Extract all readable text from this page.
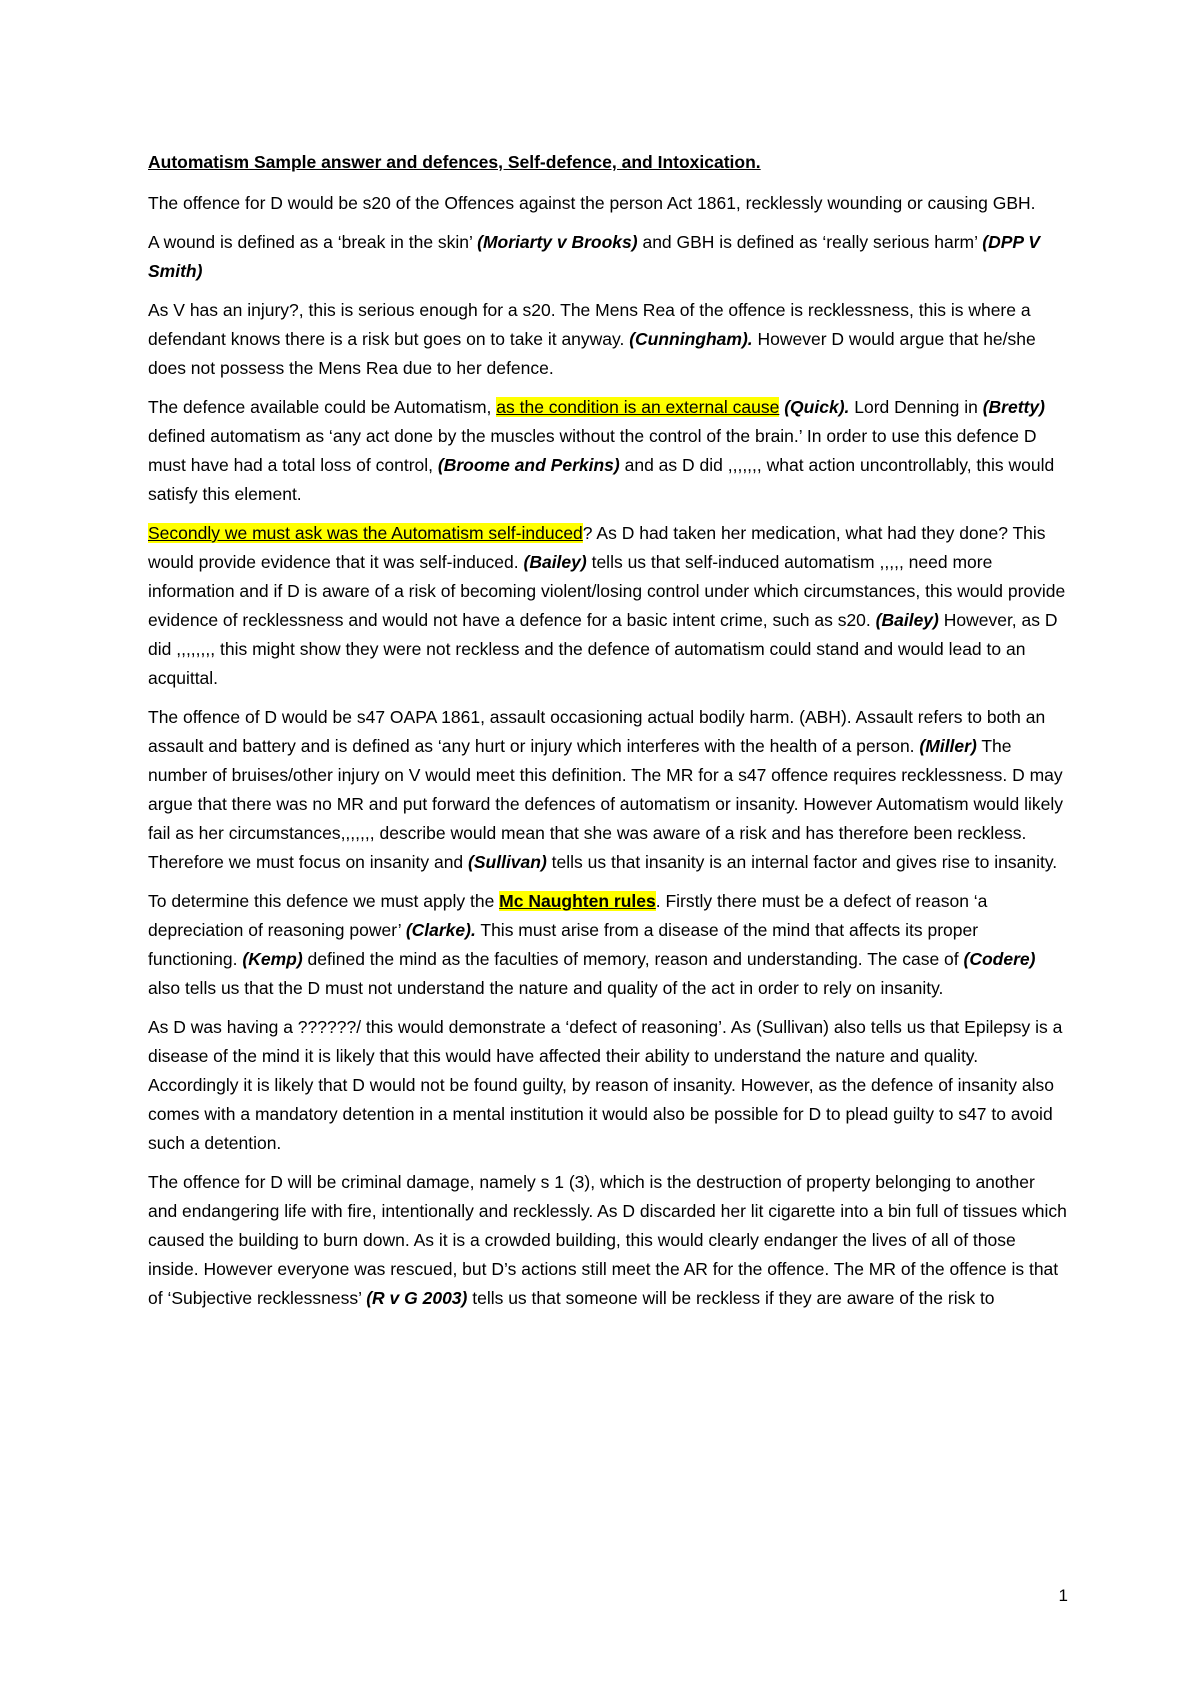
Automatism Sample answer and defences, Self-defence, and Intoxication.

The offence for D would be s20 of the Offences against the person Act 1861, recklessly wounding or causing GBH.

A wound is defined as a ‘break in the skin’ (Moriarty v Brooks) and GBH is defined as ‘really serious harm’ (DPP V Smith)

As V has an injury?, this is serious enough for a s20. The Mens Rea of the offence is recklessness, this is where a defendant knows there is a risk but goes on to take it anyway. (Cunningham). However D would argue that he/she does not possess the Mens Rea due to her defence.

The defence available could be Automatism, as the condition is an external cause (Quick). Lord Denning in (Bretty) defined automatism as ‘any act done by the muscles without the control of the brain.’ In order to use this defence D must have had a total loss of control, (Broome and Perkins) and as D did ,,,,,,, what action uncontrollably, this would satisfy this element.

Secondly we must ask was the Automatism self-induced? As D had taken her medication, what had they done? This would provide evidence that it was self-induced. (Bailey) tells us that self-induced automatism ,,,,, need more information and if D is aware of a risk of becoming violent/losing control under which circumstances, this would provide evidence of recklessness and would not have a defence for a basic intent crime, such as s20. (Bailey) However, as D did ,,,,,,,, this might show they were not reckless and the defence of automatism could stand and would lead to an acquittal.

The offence of D would be s47 OAPA 1861, assault occasioning actual bodily harm. (ABH). Assault refers to both an assault and battery and is defined as ‘any hurt or injury which interferes with the health of a person. (Miller) The number of bruises/other injury on V would meet this definition. The MR for a s47 offence requires recklessness. D may argue that there was no MR and put forward the defences of automatism or insanity. However Automatism would likely fail as her circumstances,,,,,,, describe would mean that she was aware of a risk and has therefore been reckless. Therefore we must focus on insanity and (Sullivan) tells us that insanity is an internal factor and gives rise to insanity.

To determine this defence we must apply the Mc Naughten rules. Firstly there must be a defect of reason ‘a depreciation of reasoning power’ (Clarke). This must arise from a disease of the mind that affects its proper functioning. (Kemp) defined the mind as the faculties of memory, reason and understanding. The case of (Codere) also tells us that the D must not understand the nature and quality of the act in order to rely on insanity.

As D was having a ??????/ this would demonstrate a ‘defect of reasoning’. As (Sullivan) also tells us that Epilepsy is a disease of the mind it is likely that this would have affected their ability to understand the nature and quality. Accordingly it is likely that D would not be found guilty, by reason of insanity. However, as the defence of insanity also comes with a mandatory detention in a mental institution it would also be possible for D to plead guilty to s47 to avoid such a detention.

The offence for D will be criminal damage, namely s 1 (3), which is the destruction of property belonging to another and endangering life with fire, intentionally and recklessly. As D discarded her lit cigarette into a bin full of tissues which caused the building to burn down. As it is a crowded building, this would clearly endanger the lives of all of those inside. However everyone was rescued, but D’s actions still meet the AR for the offence. The MR of the offence is that of ‘Subjective recklessness’ (R v G 2003) tells us that someone will be reckless if they are aware of the risk to

1
